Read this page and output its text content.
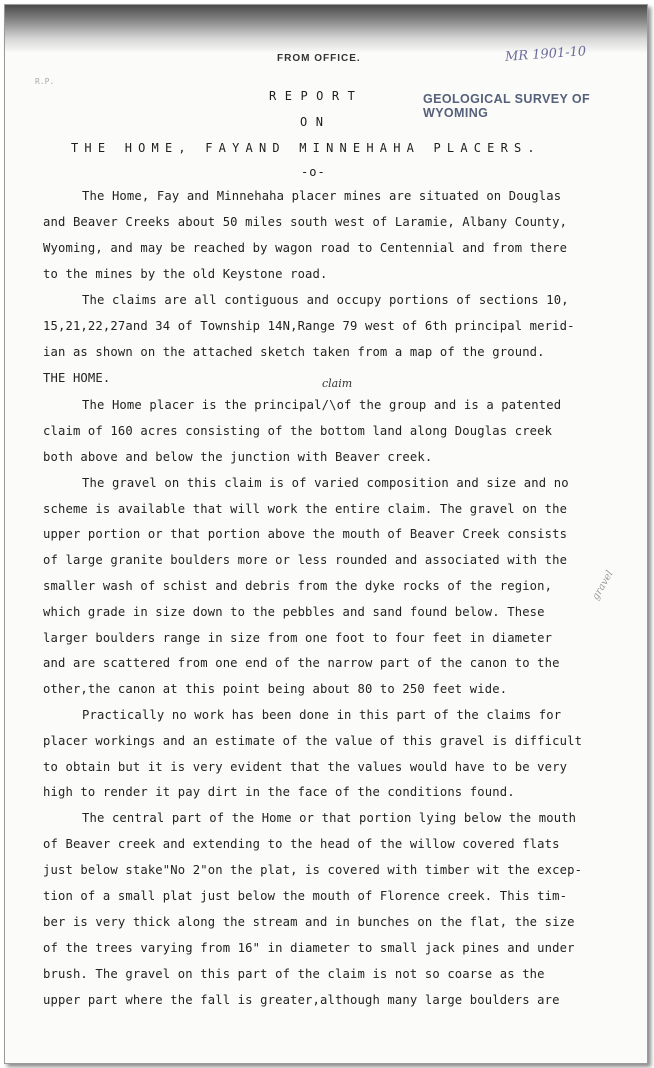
FROM OFFICE.
R.P.
MR 1901-10
GEOLOGICAL SURVEY OF WYOMING
REPORT
ON
THE HOME, FAYAND MINNEHAHA PLACERS.
-o-
claim
gravel
The Home, Fay and Minnehaha placer mines are situated on Douglas
and Beaver Creeks about 50 miles south west of Laramie, Albany County,
Wyoming, and may be reached by wagon road to Centennial and from there
to the mines by the old Keystone road.
The claims are all contiguous and occupy portions of sections 10,
15,21,22,27and 34 of Township 14N,Range 79 west of 6th principal merid-
ian as shown on the attached sketch taken from a map of the ground.
THE HOME.
The Home placer is the principal/\of the group and is a patented
claim of 160 acres consisting of the bottom land along Douglas creek
both above and below the junction with Beaver creek.
The gravel on this claim is of varied composition and size and no
scheme is available that will work the entire claim. The gravel on the
upper portion or that portion above the mouth of Beaver Creek consists
of large granite boulders more or less rounded and associated with the
smaller wash of schist and debris from the dyke rocks of the region,
which grade in size down to the pebbles and sand found below. These
larger boulders range in size from one foot to four feet in diameter
and are scattered from one end of the narrow part of the canon to the
other,the canon at this point being about 80 to 250 feet wide.
Practically no work has been done in this part of the claims for
placer workings and an estimate of the value of this gravel is difficult
to obtain but it is very evident that the values would have to be very
high to render it pay dirt in the face of the conditions found.
The central part of the Home or that portion lying below the mouth
of Beaver creek and extending to the head of the willow covered flats
just below stake"No 2"on the plat, is covered with timber wit the excep-
tion of a small plat just below the mouth of Florence creek. This tim-
ber is very thick along the stream and in bunches on the flat, the size
of the trees varying from 16" in diameter to small jack pines and under
brush. The gravel on this part of the claim is not so coarse as the
upper part where the fall is greater,although many large boulders are
